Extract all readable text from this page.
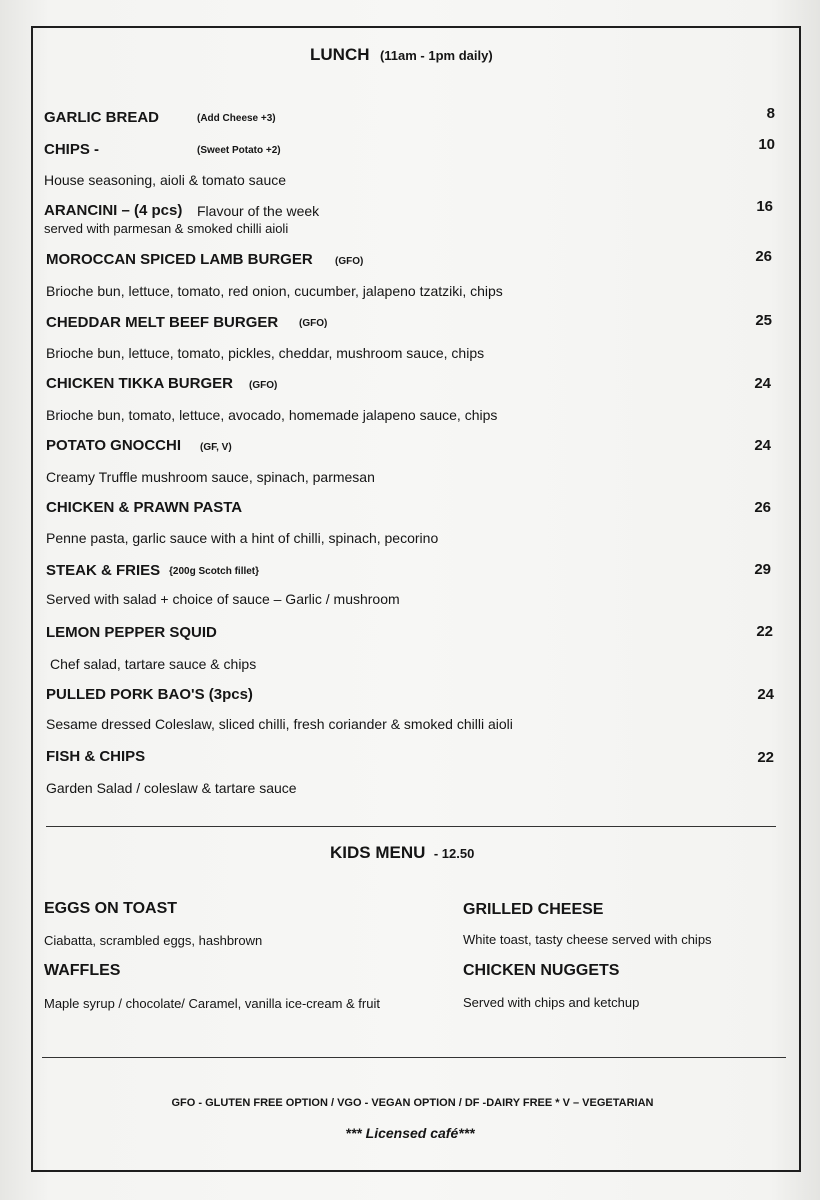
LUNCH (11am - 1pm daily)
GARLIC BREAD	(Add Cheese +3)	8
CHIPS -	(Sweet Potato +2)	10
House seasoning, aioli & tomato sauce
ARANCINI – (4 pcs) Flavour of the week	16
served with parmesan & smoked chilli aioli
MOROCCAN SPICED LAMB BURGER (GFO)	26
Brioche bun, lettuce, tomato, red onion, cucumber, jalapeno tzatziki, chips
CHEDDAR MELT BEEF BURGER (GFO)	25
Brioche bun, lettuce, tomato, pickles, cheddar, mushroom sauce, chips
CHICKEN TIKKA BURGER (GFO)	24
Brioche bun, tomato, lettuce, avocado, homemade jalapeno sauce, chips
POTATO GNOCCHI (GF, V)	24
Creamy Truffle mushroom sauce, spinach, parmesan
CHICKEN & PRAWN PASTA	26
Penne pasta, garlic sauce with a hint of chilli, spinach, pecorino
STEAK & FRIES {200g Scotch fillet}	29
Served with salad + choice of sauce – Garlic / mushroom
LEMON PEPPER SQUID	22
Chef salad, tartare sauce & chips
PULLED PORK BAO'S (3pcs)	24
Sesame dressed Coleslaw, sliced chilli, fresh coriander & smoked chilli aioli
FISH & CHIPS	22
Garden Salad / coleslaw & tartare sauce
KIDS MENU - 12.50
EGGS ON TOAST
Ciabatta, scrambled eggs, hashbrown
GRILLED CHEESE
White toast, tasty cheese served with chips
WAFFLES
Maple syrup / chocolate/ Caramel, vanilla ice-cream & fruit
CHICKEN NUGGETS
Served with chips and ketchup
GFO - GLUTEN FREE OPTION / VGO - VEGAN OPTION / DF -DAIRY FREE * V – VEGETARIAN
*** Licensed café***
